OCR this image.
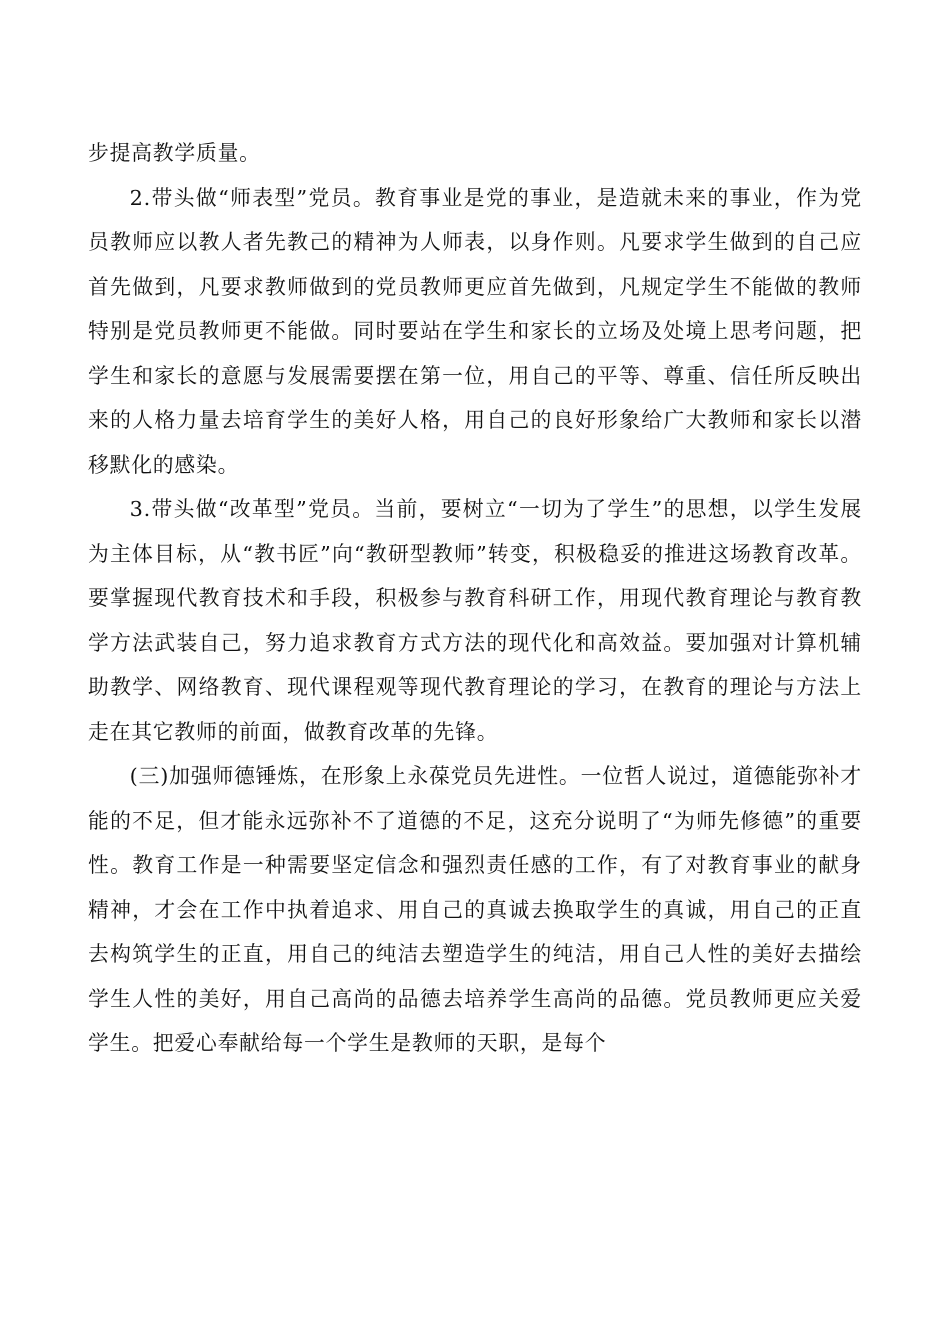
步提高教学质量。

2.带头做“师表型”党员。教育事业是党的事业，是造就未来的事业，作为党员教师应以教人者先教己的精神为人师表，以身作则。凡要求学生做到的自己应首先做到，凡要求教师做到的党员教师更应首先做到，凡规定学生不能做的教师特别是党员教师更不能做。同时要站在学生和家长的立场及处境上思考问题，把学生和家长的意愿与发展需要摆在第一位，用自己的平等、尊重、信任所反映出来的人格力量去培育学生的美好人格，用自己的良好形象给广大教师和家长以潜移默化的感染。

3.带头做“改革型”党员。当前，要树立“一切为了学生”的思想，以学生发展为主体目标，从“教书匠”向“教研型教师”转变，积极稳妥的推进这场教育改革。要掌握现代教育技术和手段，积极参与教育科研工作，用现代教育理论与教育教学方法武装自己，努力追求教育方式方法的现代化和高效益。要加强对计算机辅助教学、网络教育、现代课程观等现代教育理论的学习，在教育的理论与方法上走在其它教师的前面，做教育改革的先锋。

(三)加强师德锤炼，在形象上永葆党员先进性。一位哲人说过，道德能弥补才能的不足，但才能永远弥补不了道德的不足，这充分说明了“为师先修德”的重要性。教育工作是一种需要坚定信念和强烈责任感的工作，有了对教育事业的献身精神，才会在工作中执着追求、用自己的真诚去换取学生的真诚，用自己的正直去构筑学生的正直，用自己的纯洁去塑造学生的纯洁，用自己人性的美好去描绘学生人性的美好，用自己高尚的品德去培养学生高尚的品德。党员教师更应关爱学生。把爱心奉献给每一个学生是教师的天职，是每个
